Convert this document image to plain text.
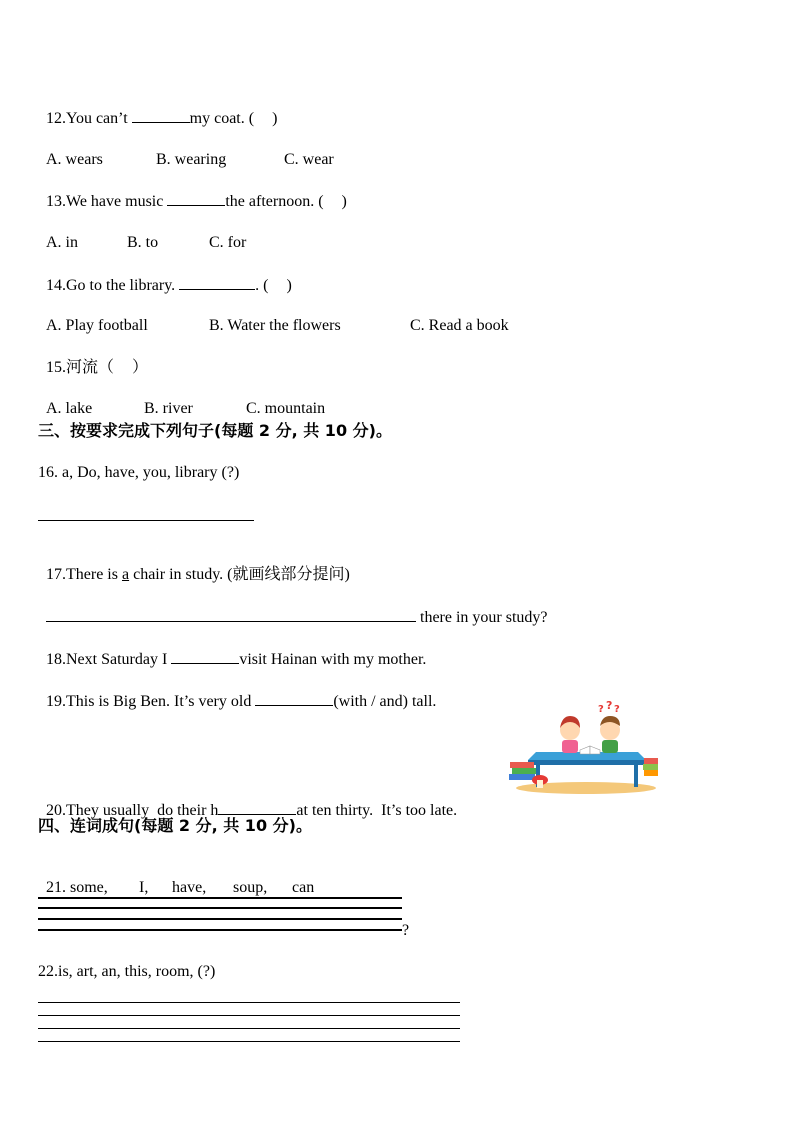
12.You can’t	my coat. ( )

A. wears	B. wearing	C. wear

13.We have music	the afternoon. ( )

A. in	B. to	C. for

14.Go to the library.	. ( )

A. Play football	B. Water the flowers	C. Read a book

15.河流（ ）

A. lake	B. river	C. mountain

三、按要求完成下列句子(每题 2 分, 共 10 分)。
16. a, Do, have, you, library (?)

17.There is a chair in study. (就画线部分提问)

there in your study?

18.Next Saturday I	visit Hainan with my mother.

19.This is Big Ben. It’s very old	(with / and) tall.	? ? ?

20.They usually  do their h	at ten thirty.  It’s too late.

四、连词成句(每题 2 分, 共 10 分)。

21. some, I, have, soup, can

?
22.is, art, an, this, room, (?)
